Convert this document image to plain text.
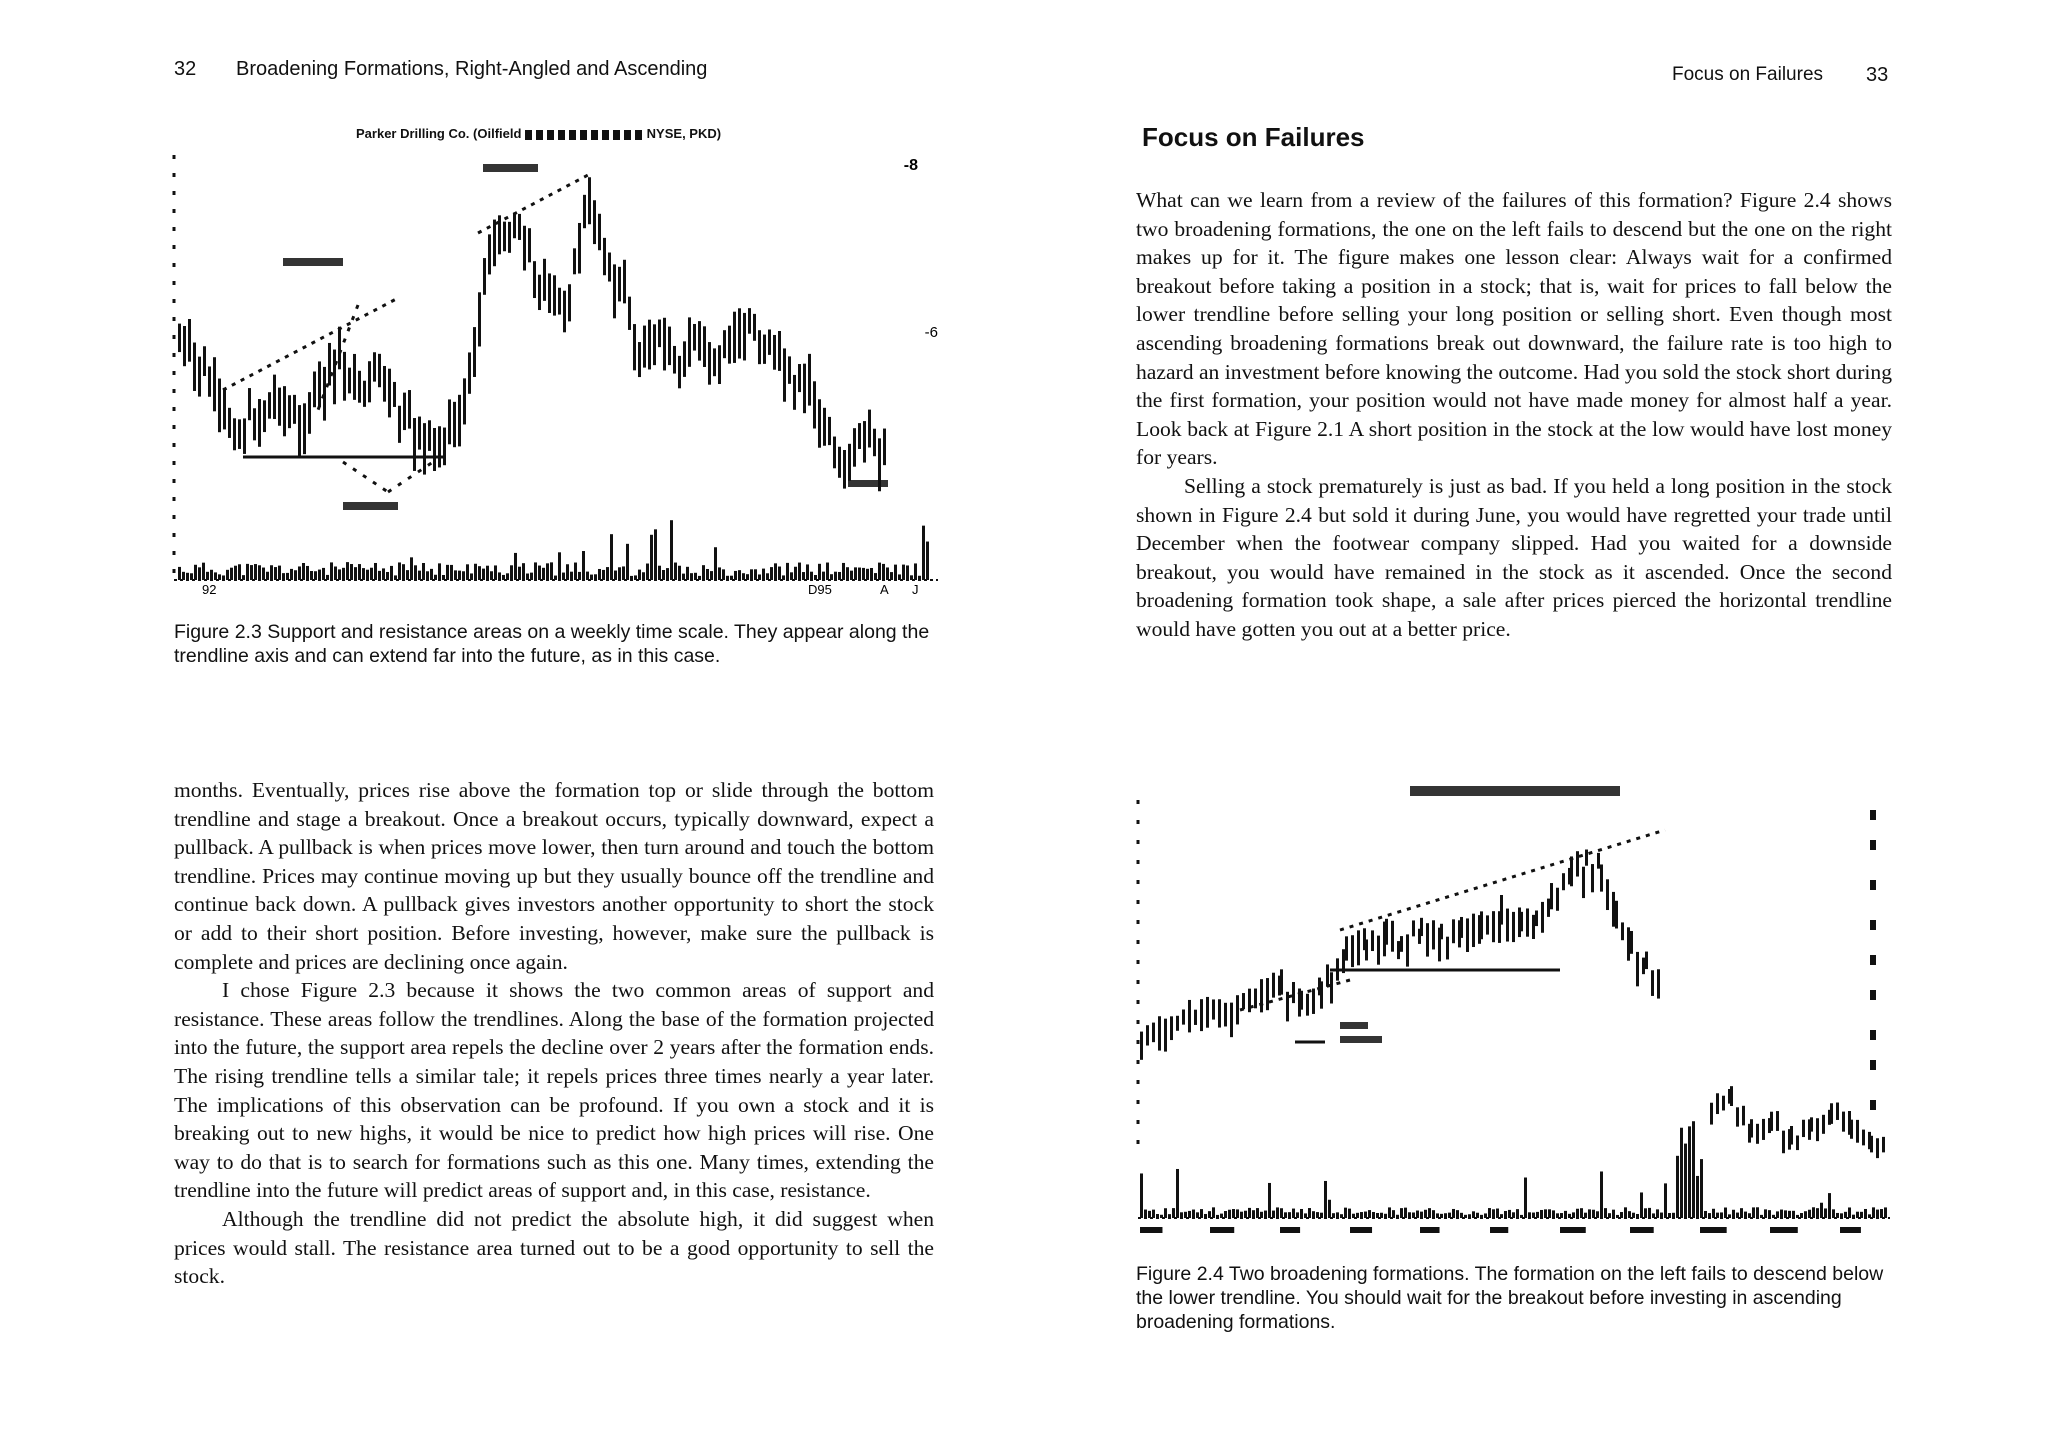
32 Broadening Formations, Right-Angled and Ascending
Parker Drilling Co. (Oilfield	NYSE, PKD)
-8
-6
92	D95	A J
Figure 2.3 Support and resistance areas on a weekly time scale. They appear along the trendline axis and can extend far into the future, as in this case.

months. Eventually, prices rise above the formation top or slide through the bottom trendline and stage a breakout. Once a breakout occurs, typically downward, expect a pullback. A pullback is when prices move lower, then turn around and touch the bottom trendline. Prices may continue moving up but they usually bounce off the trendline and continue back down. A pullback gives investors another opportunity to short the stock or add to their short position. Before investing, however, make sure the pullback is complete and prices are declining once again.

I chose Figure 2.3 because it shows the two common areas of support and resistance. These areas follow the trendlines. Along the base of the formation projected into the future, the support area repels the decline over 2 years after the formation ends. The rising trendline tells a similar tale; it repels prices three times nearly a year later. The implications of this observation can be profound. If you own a stock and it is breaking out to new highs, it would be nice to predict how high prices will rise. One way to do that is to search for formations such as this one. Many times, extending the trendline into the future will predict areas of support and, in this case, resistance.

Although the trendline did not predict the absolute high, it did suggest when prices would stall. The resistance area turned out to be a good opportunity to sell the stock.

Focus on Failures 33
Focus on Failures

What can we learn from a review of the failures of this formation? Figure 2.4 shows two broadening formations, the one on the left fails to descend but the one on the right makes up for it. The figure makes one lesson clear: Always wait for a confirmed breakout before taking a position in a stock; that is, wait for prices to fall below the lower trendline before selling your long position or selling short. Even though most ascending broadening formations break out downward, the failure rate is too high to hazard an investment before knowing the outcome. Had you sold the stock short during the first formation, your position would not have made money for almost half a year. Look back at Figure 2.1 A short position in the stock at the low would have lost money for years.

Selling a stock prematurely is just as bad. If you held a long position in the stock shown in Figure 2.4 but sold it during June, you would have regretted your trade until December when the footwear company slipped. Had you waited for a downside breakout, you would have remained in the stock as it ascended. Once the second broadening formation took shape, a sale after prices pierced the horizontal trendline would have gotten you out at a better price.

Figure 2.4 Two broadening formations. The formation on the left fails to descend below the lower trendline. You should wait for the breakout before investing in ascending broadening formations.
